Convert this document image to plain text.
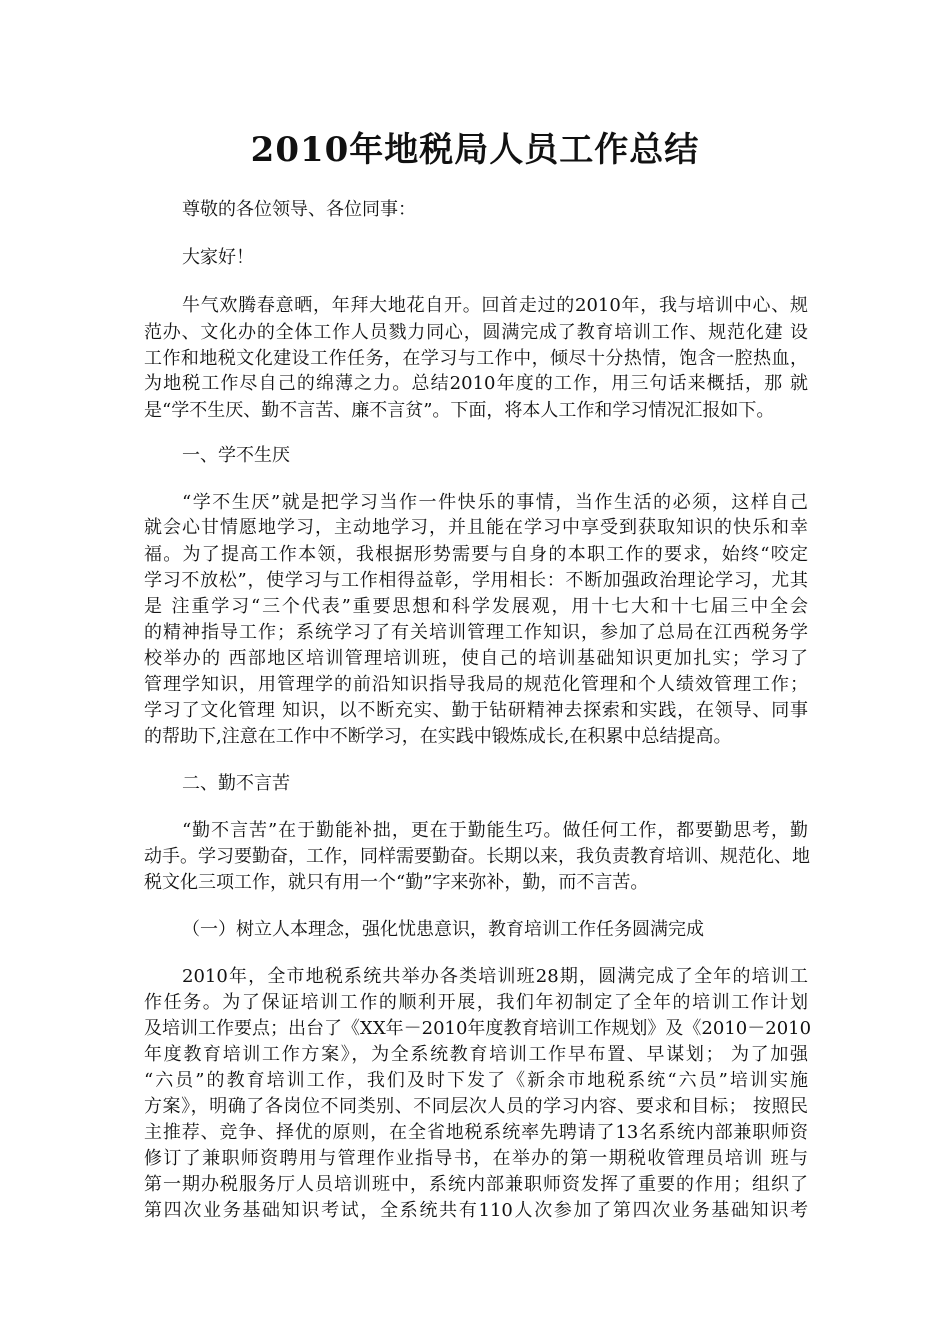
2010年地税局人员工作总结
尊敬的各位领导、各位同事：
大家好！
牛气欢腾春意晒，年拜大地花自开。回首走过的2010年，我与培训中心、规
范办、文化办的全体工作人员戮力同心，圆满完成了教育培训工作、规范化建 设
工作和地税文化建设工作任务，在学习与工作中，倾尽十分热情，饱含一腔热血，
为地税工作尽自己的绵薄之力。总结2010年度的工作，用三句话来概括，那 就
是“学不生厌、勤不言苦、廉不言贫”。下面，将本人工作和学习情况汇报如下。
一、学不生厌
“学不生厌”就是把学习当作一件快乐的事情，当作生活的必须，这样自己
就会心甘情愿地学习，主动地学习，并且能在学习中享受到获取知识的快乐和幸
福。为了提高工作本领，我根据形势需要与自身的本职工作的要求，始终“咬定
学习不放松”，使学习与工作相得益彰，学用相长：不断加强政治理论学习，尤其
是 注重学习“三个代表”重要思想和科学发展观，用十七大和十七届三中全会
的精神指导工作；系统学习了有关培训管理工作知识，参加了总局在江西税务学
校举办的 西部地区培训管理培训班，使自己的培训基础知识更加扎实；学习了
管理学知识，用管理学的前沿知识指导我局的规范化管理和个人绩效管理工作；
学习了文化管理 知识，以不断充实、勤于钻研精神去探索和实践，在领导、同事
的帮助下,注意在工作中不断学习，在实践中锻炼成长,在积累中总结提高。
二、勤不言苦
“勤不言苦”在于勤能补拙，更在于勤能生巧。做任何工作，都要勤思考，勤
动手。学习要勤奋，工作，同样需要勤奋。长期以来，我负责教育培训、规范化、地
税文化三项工作，就只有用一个“勤”字来弥补，勤，而不言苦。
（一）树立人本理念，强化忧患意识，教育培训工作任务圆满完成
2010年，全市地税系统共举办各类培训班28期，圆满完成了全年的培训工
作任务。为了保证培训工作的顺利开展，我们年初制定了全年的培训工作计划
及培训工作要点；出台了《XX年－2010年度教育培训工作规划》及《2010－2010
年度教育培训工作方案》，为全系统教育培训工作早布置、早谋划； 为了加强
“六员”的教育培训工作，我们及时下发了《新余市地税系统“六员”培训实施
方案》，明确了各岗位不同类别、不同层次人员的学习内容、要求和目标； 按照民
主推荐、竞争、择优的原则，在全省地税系统率先聘请了13名系统内部兼职师资
修订了兼职师资聘用与管理作业指导书，在举办的第一期税收管理员培训 班与
第一期办税服务厅人员培训班中，系统内部兼职师资发挥了重要的作用；组织了
第四次业务基础知识考试，全系统共有110人次参加了第四次业务基础知识考
